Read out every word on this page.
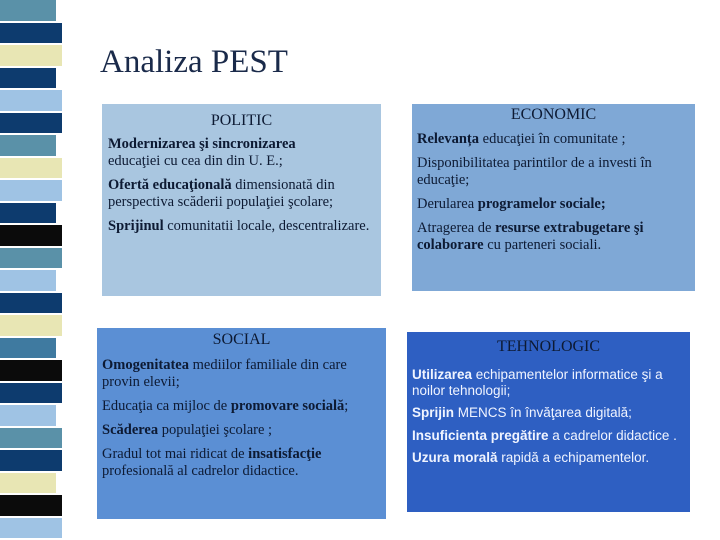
Analiza PEST
POLITIC
Modernizarea şi sincronizarea
educaţiei cu cea din din U. E.;
Ofertă educaţională dimensionată din perspectiva scăderii populaţiei şcolare;
Sprijinul comunitatii locale, descentralizare.
ECONOMIC
Relevanța educaţiei în comunitate ;
Disponibilitatea parintilor de a investi în educaţie;
Derularea programelor sociale;
Atragerea de resurse extrabugetare şi colaborare cu parteneri sociali.
SOCIAL
Omogenitatea mediilor familiale din care provin elevii;
Educaţia ca mijloc de promovare socială;
Scăderea populaţiei şcolare ;
Gradul tot mai ridicat de insatisfacţie profesională al cadrelor didactice.
TEHNOLOGIC
Utilizarea echipamentelor informatice şi a noilor tehnologii;
Sprijin MENCS în învăţarea digitală;
Insuficienta pregătire a cadrelor didactice .
Uzura morală rapidă a echipamentelor.
